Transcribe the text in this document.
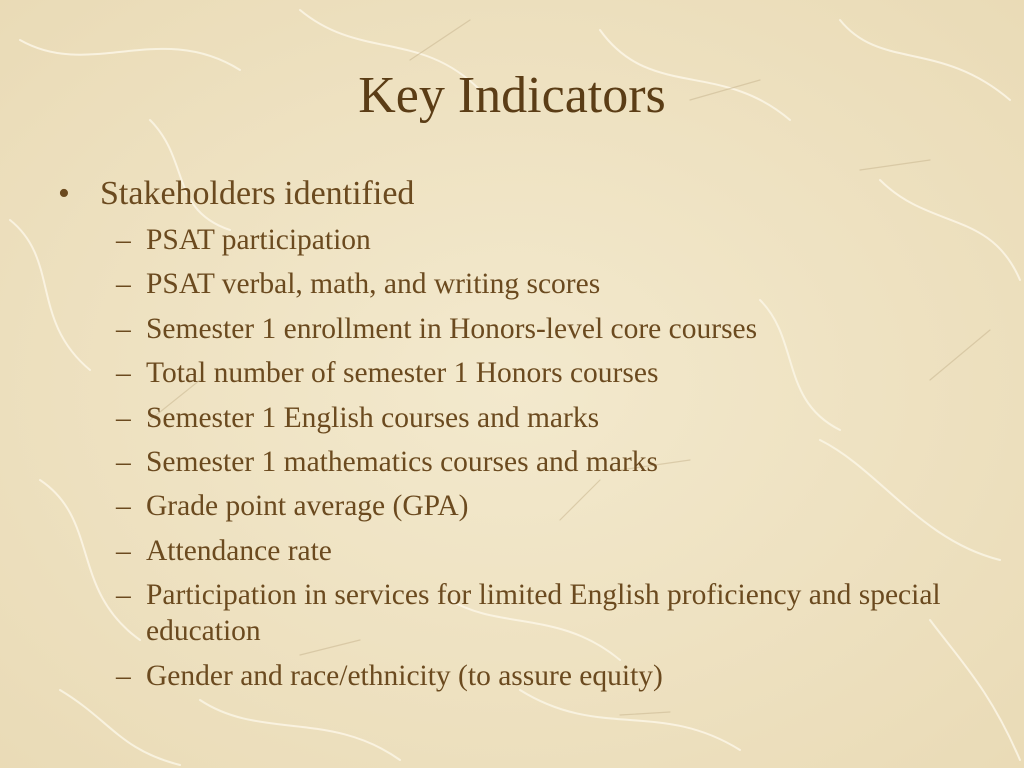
Key Indicators
• Stakeholders identified
– PSAT participation
– PSAT verbal, math, and writing scores
– Semester 1 enrollment in Honors-level core courses
– Total number of semester 1 Honors courses
– Semester 1 English courses and marks
– Semester 1 mathematics courses and marks
– Grade point average (GPA)
– Attendance rate
– Participation in services for limited English proficiency and special education
– Gender and race/ethnicity (to assure equity)
